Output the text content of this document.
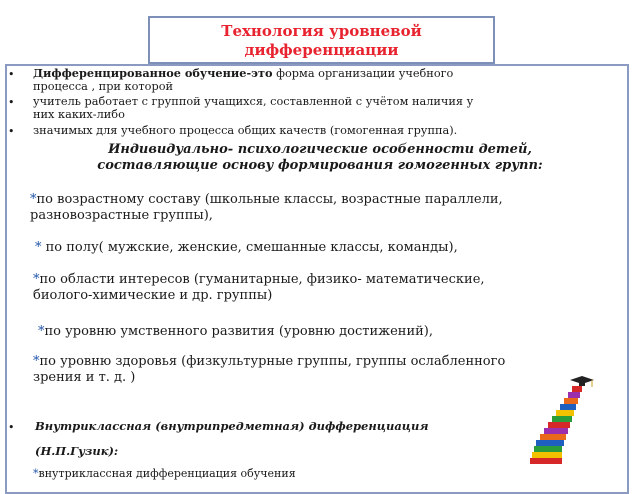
Технология уровневой
дифференциации
• Дифференцированное обучение-это форма организации учебного
процесса , при которой
• учитель работает с группой учащихся, составленной с учётом наличия у
них каких-либо
• значимых для учебного процесса общих качеств (гомогенная группа).
Индивидуально- психологические особенности детей,
составляющие основу формирования гомогенных групп:
*по возрастному составу (школьные классы, возрастные параллели,
разновозрастные группы),
* по полу( мужские, женские, смешанные классы, команды),
*по области интересов (гуманитарные, физико- математические,
биолого-химические и др. группы)
*по уровню умственного развития (уровню достижений),
*по уровню здоровья (физкультурные группы, группы ослабленного
зрения и т. д. )
• Внутриклассная (внутрипредметная) дифференциация
(Н.П.Гузик):
*внутриклассная дифференциация обучения
